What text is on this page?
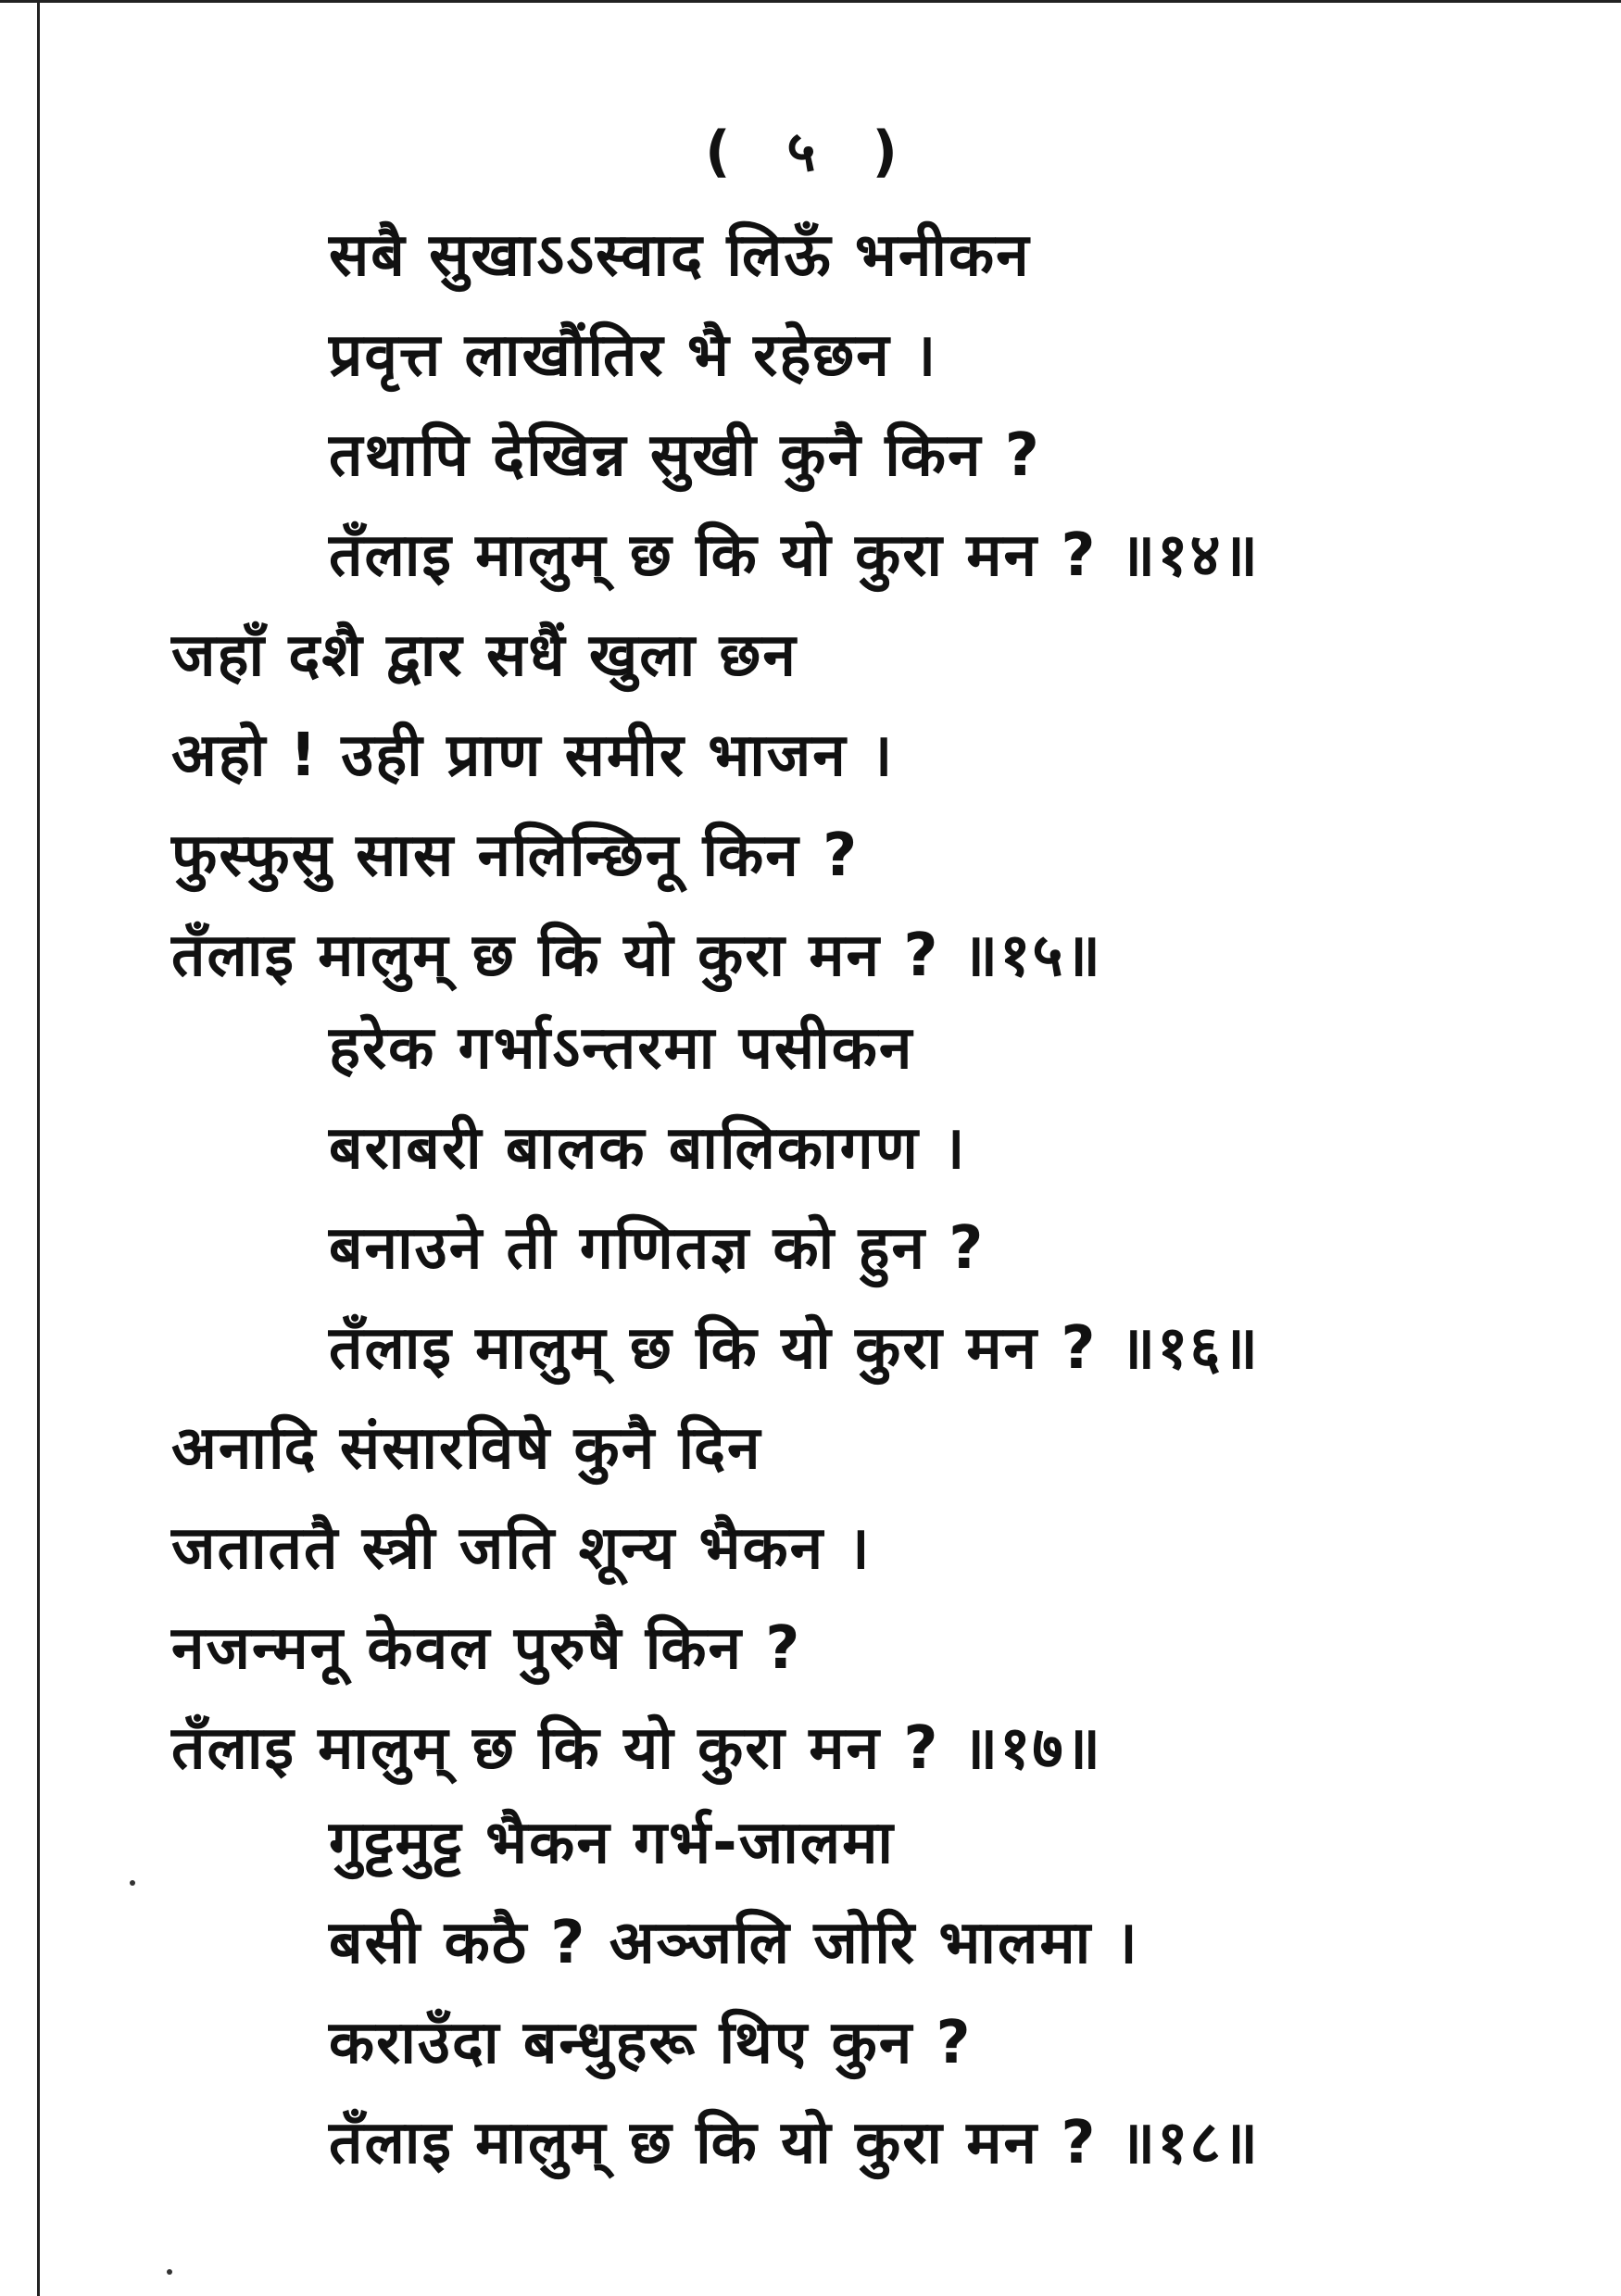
( ५ )
सबै सुखाऽऽस्वाद लिऊँ भनीकन
प्रवृत्त लाखौंतिर भै रहेछन ।
तथापि देखिन्न सुखी कुनै किन ?
तँलाइ मालुम् छ कि यो कुरा मन ? ॥१४॥
जहाँ दशै द्वार सधैं खुला छन
अहो ! उही प्राण समीर भाजन ।
फुस्फुसु सास नलिन्छिनू किन ?
तँलाइ मालुम् छ कि यो कुरा मन ? ॥१५॥
हरेक गर्भाऽन्तरमा पसीकन
बराबरी बालक बालिकागण ।
बनाउने ती गणितज्ञ को हुन ?
तँलाइ मालुम् छ कि यो कुरा मन ? ॥१६॥
अनादि संसारविषे कुनै दिन
जताततै स्त्री जति शून्य भैकन ।
नजन्मनू केवल पुरुषै किन ?
तँलाइ मालुम् छ कि यो कुरा मन ? ॥१७॥
गुट्टमुट्ट भैकन गर्भ-जालमा
बसी कठै ? अञ्जलि जोरि भालमा ।
कराउँदा बन्धुहरू थिए कुन ?
तँलाइ मालुम् छ कि यो कुरा मन ? ॥१८॥
